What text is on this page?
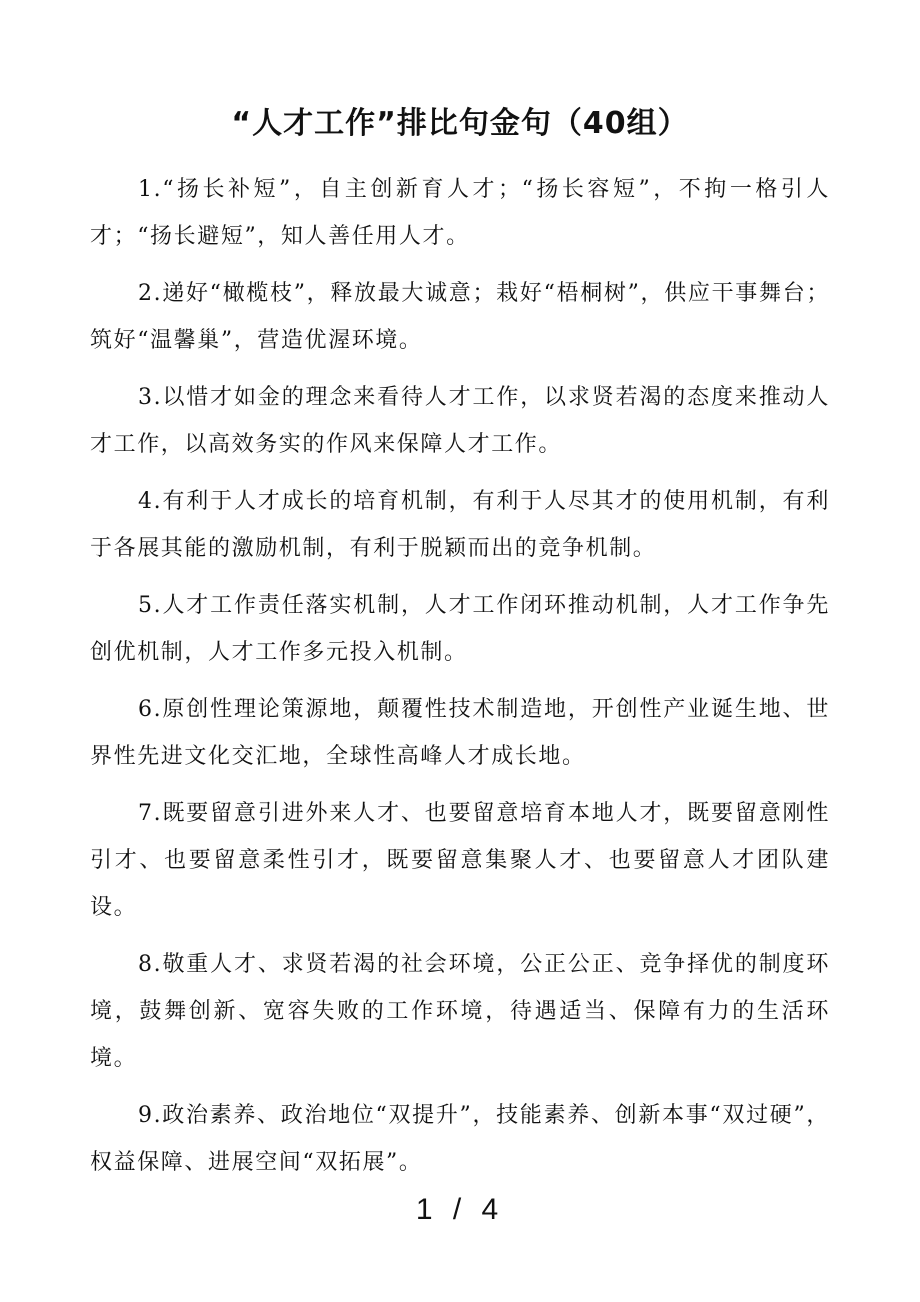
“人才工作”排比句金句（40组）

1.“扬长补短”，自主创新育人才；“扬长容短”，不拘一格引人才；“扬长避短”，知人善任用人才。

2.递好“橄榄枝”，释放最大诚意；栽好“梧桐树”，供应干事舞台；筑好“温馨巢”，营造优渥环境。

3.以惜才如金的理念来看待人才工作，以求贤若渴的态度来推动人才工作，以高效务实的作风来保障人才工作。

4.有利于人才成长的培育机制，有利于人尽其才的使用机制，有利于各展其能的激励机制，有利于脱颖而出的竞争机制。

5.人才工作责任落实机制，人才工作闭环推动机制，人才工作争先创优机制，人才工作多元投入机制。

6.原创性理论策源地，颠覆性技术制造地，开创性产业诞生地、世界性先进文化交汇地，全球性高峰人才成长地。

7.既要留意引进外来人才、也要留意培育本地人才，既要留意刚性引才、也要留意柔性引才，既要留意集聚人才、也要留意人才团队建设。

8.敬重人才、求贤若渴的社会环境，公正公正、竞争择优的制度环境，鼓舞创新、宽容失败的工作环境，待遇适当、保障有力的生活环境。

9.政治素养、政治地位“双提升”，技能素养、创新本事“双过硬”，权益保障、进展空间“双拓展”。

1 / 4
